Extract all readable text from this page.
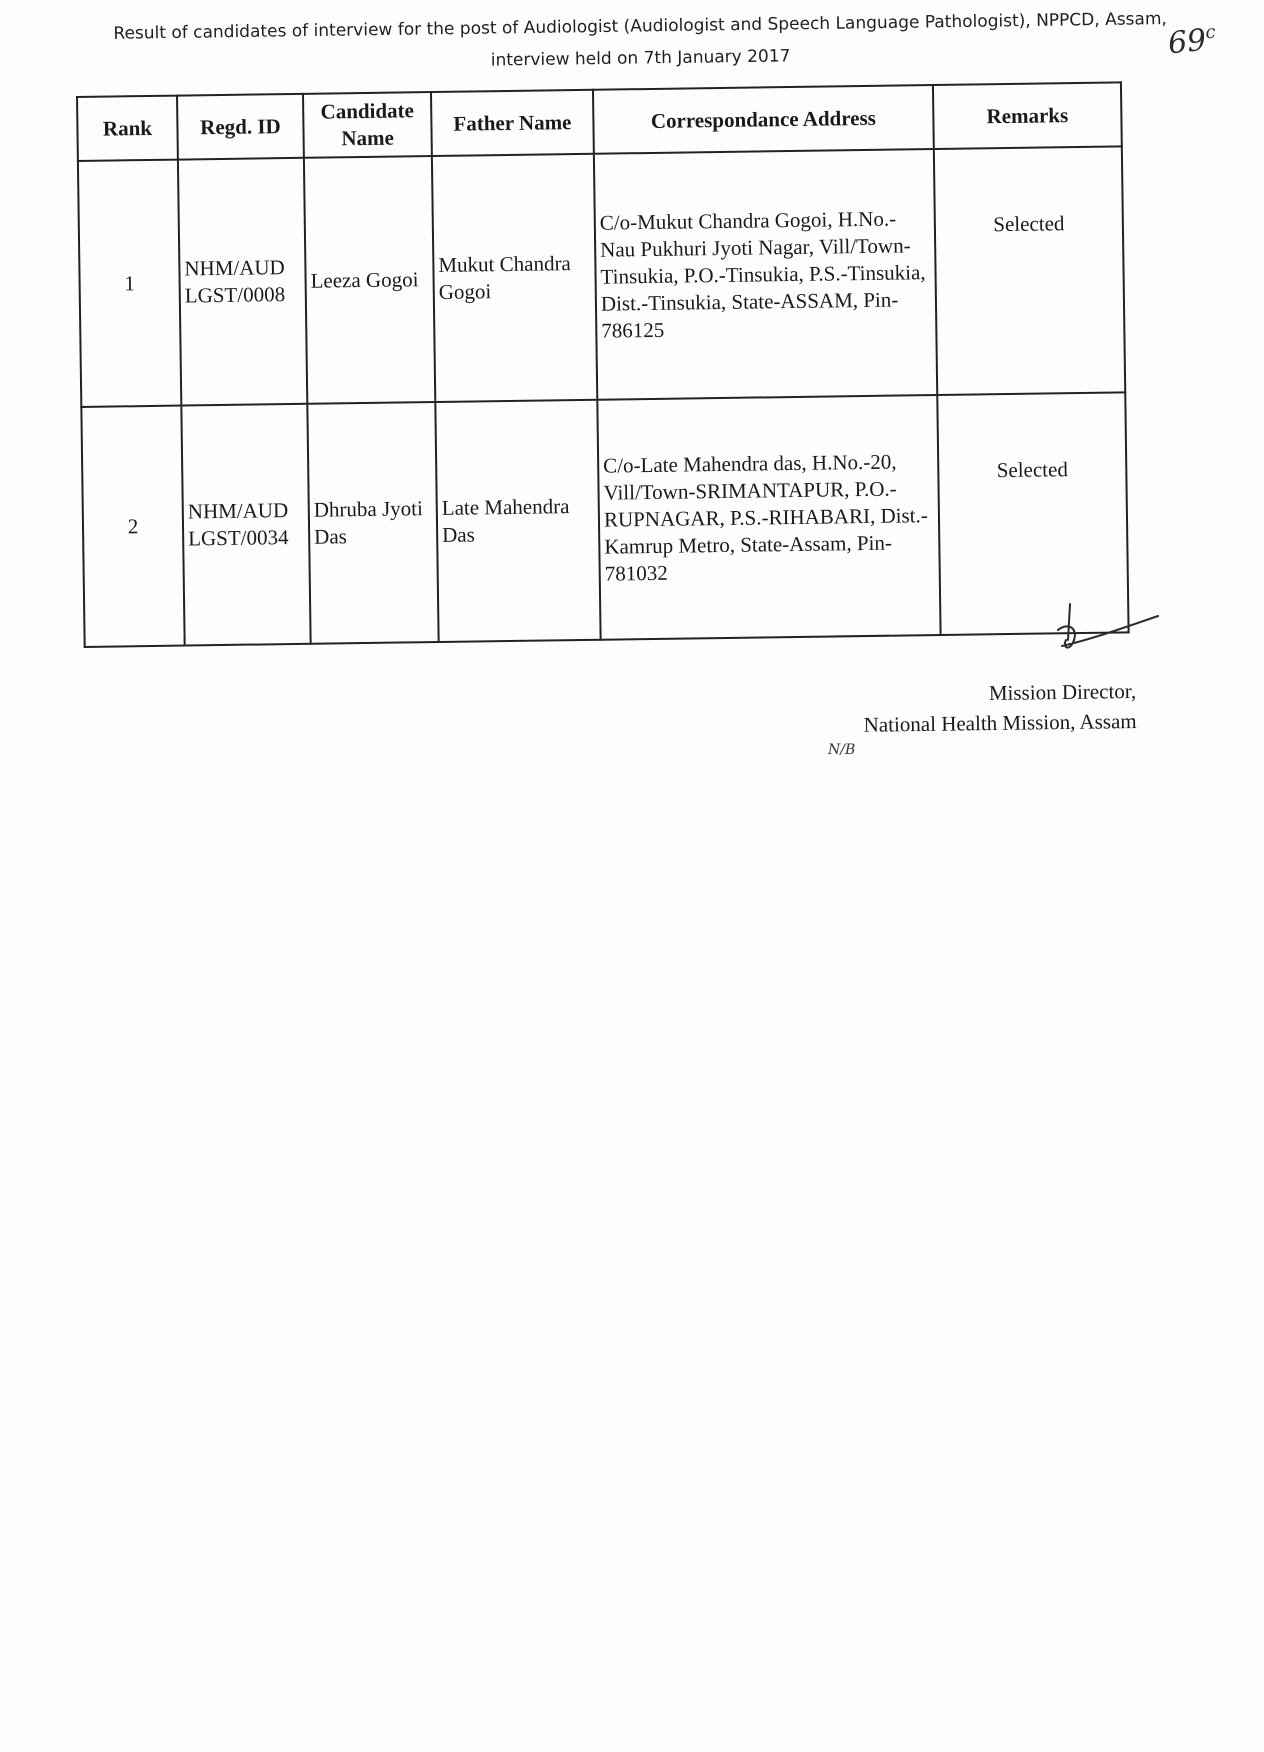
Result of candidates of interview for the post of Audiologist (Audiologist and Speech Language Pathologist), NPPCD, Assam,
interview held on 7th January 2017	69$^c$
Rank	Regd. ID	Candidate Name	Father Name	Correspondance Address	Remarks
1	NHM/AUD LGST/0008	Leeza Gogoi	Mukut Chandra Gogoi	C/o-Mukut Chandra Gogoi, H.No.-Nau Pukhuri Jyoti Nagar, Vill/Town-Tinsukia, P.O.-Tinsukia, P.S.-Tinsukia, Dist.-Tinsukia, State-ASSAM, Pin-786125	Selected
2	NHM/AUD LGST/0034	Dhruba Jyoti Das	Late Mahendra Das	C/o-Late Mahendra das, H.No.-20, Vill/Town-SRIMANTAPUR, P.O.-RUPNAGAR, P.S.-RIHABARI, Dist.-Kamrup Metro, State-Assam, Pin-781032	Selected
Mission Director,
National Health Mission, Assam
N/B
